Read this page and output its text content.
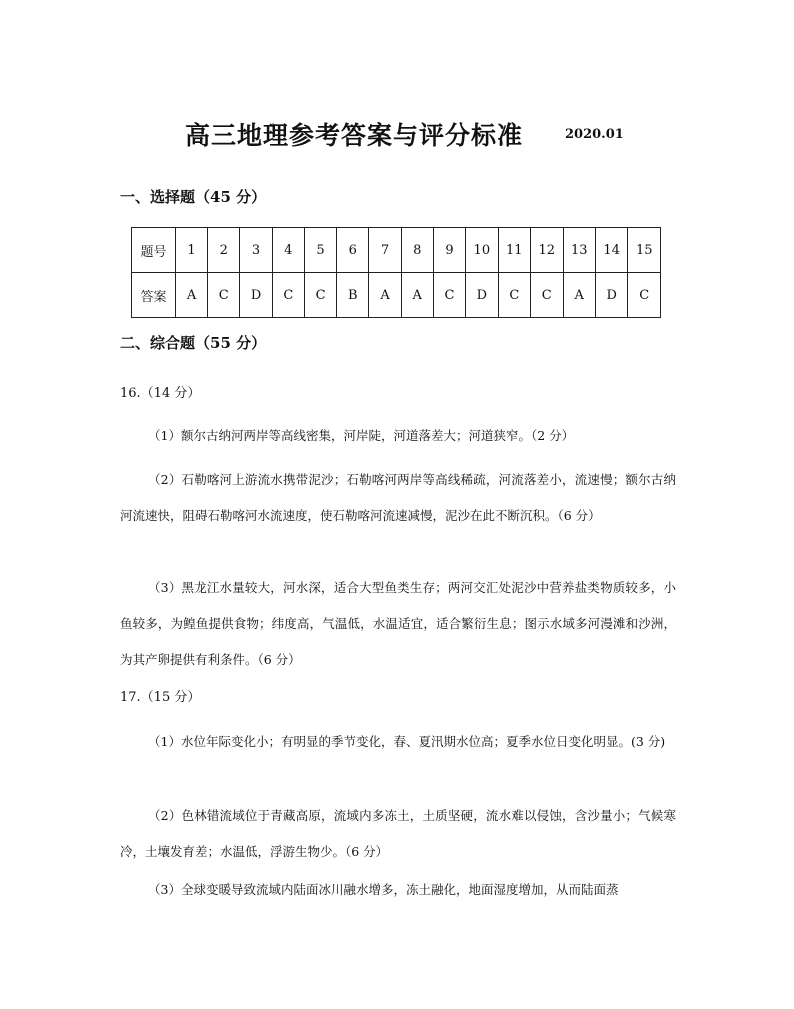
高三地理参考答案与评分标准	2020.01
一、选择题（45 分）
题号	1	2	3	4	5	6	7	8	9	10	11	12	13	14	15
答案	A	C	D	C	C	B	A	A	C	D	C	C	A	D	C
二、综合题（55 分）
16.（14 分）
（1）额尔古纳河两岸等高线密集，河岸陡，河道落差大；河道狭窄。（2 分）
（2）石勒喀河上游流水携带泥沙；石勒喀河两岸等高线稀疏，河流落差小，流速慢；额尔古纳河流速快，阻碍石勒喀河水流速度，使石勒喀河流速减慢，泥沙在此不断沉积。（6 分）
（3）黑龙江水量较大，河水深，适合大型鱼类生存；两河交汇处泥沙中营养盐类物质较多，小鱼较多，为鳇鱼提供食物；纬度高，气温低，水温适宜，适合繁衍生息；图示水域多河漫滩和沙洲，为其产卵提供有利条件。（6 分）
17.（15 分）
（1）水位年际变化小；有明显的季节变化，春、夏汛期水位高；夏季水位日变化明显。(3 分)
（2）色林错流域位于青藏高原，流域内多冻土，土质坚硬，流水难以侵蚀，含沙量小；气候寒冷，土壤发育差；水温低，浮游生物少。（6 分）
（3）全球变暖导致流域内陆面冰川融水增多，冻土融化，地面湿度增加，从而陆面蒸
